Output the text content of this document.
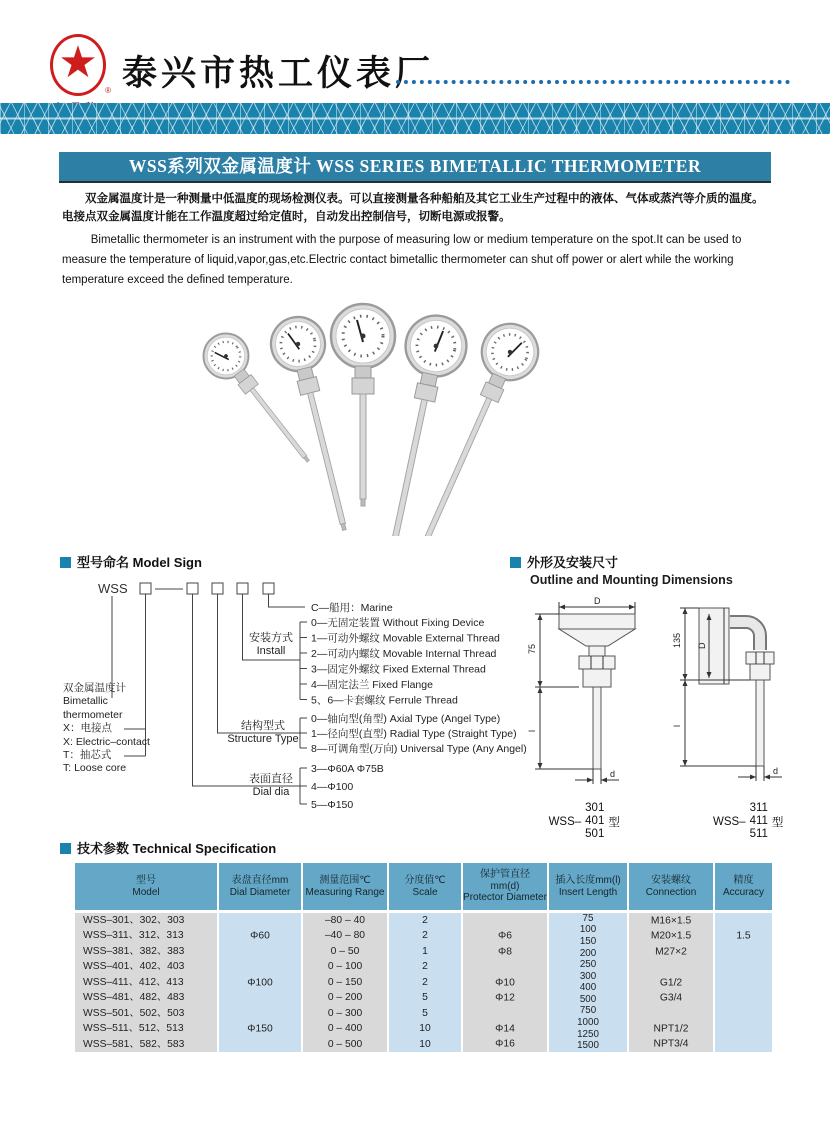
★
® 泰兴市热工仪表厂
WSS系列双金属温度计 WSS SERIES BIMETALLIC THERMOMETER
双金属温度计是一种测量中低温度的现场检测仪表。可以直接测量各种船舶及其它工业生产过程中的液体、气体或蒸汽等介质的温度。电接点双金属温度计能在工作温度超过给定值时，自动发出控制信号，切断电源或报警。
Bimetallic thermometer is an instrument with the purpose of measuring low or medium temperature on the spot.It can be used to measure the temperature of liquid,vapor,gas,etc.Electric contact bimetallic thermometer can shut off power or alert while the working temperature exceed the defined temperature.
型号命名 Model Sign
WSS
C—船用：Marine
0—无固定装置 Without Fixing Device
1—可动外螺纹 Movable External Thread
2—可动内螺纹 Movable Internal Thread
3—固定外螺纹 Fixed External Thread
4—固定法兰 Fixed Flange
5、6—卡套螺纹 Ferrule Thread
0—轴向型(角型) Axial Type (Angel Type)
1—径向型(直型) Radial Type (Straight Type)
8—可调角型(万向) Universal Type (Any Angel)
3—Φ60A Φ75B
4—Φ100
5—Φ150
双金属温度计
Bimetallic
thermometer
X：电接点
X: Electric–contact
T：抽芯式
T: Loose core
安装方式
Install
结构型式
Structure Type
表面直径
Dial dia
外形及安装尺寸
Outline and Mounting Dimensions
D
75
l
d
D
135
l
d
WSS–
301
401
501
型	WSS–
311
411
511
型
技术参数 Technical Specification
型号
Model
表盘直径mm
Dial Diameter
测量范围℃
Measuring Range
分度值℃
Scale
保护管直径
mm(d)
Protector Diameter
插入长度mm(l)
Insert Length
安装螺纹
Connection
精度
Accuracy
WSS–301、302、303
WSS–311、312、313
WSS–381、382、383
WSS–401、402、403
WSS–411、412、413
WSS–481、482、483
WSS–501、502、503
WSS–511、512、513
WSS–581、582、583
Φ60
Φ100
Φ150
–80 – 40
–40 – 80
0 – 50
0 – 100
0 – 150
0 – 200
0 – 300
0 – 400
0 – 500
2
2
1
2
2
5
5
10
10
Φ6
Φ8
Φ10
Φ12
Φ14
Φ16
75
100
150
200
250
300
400
500
750
1000
1250
1500
M16×1.5
M20×1.5
M27×2
G1/2
G3/4
NPT1/2
NPT3/4
1.5
